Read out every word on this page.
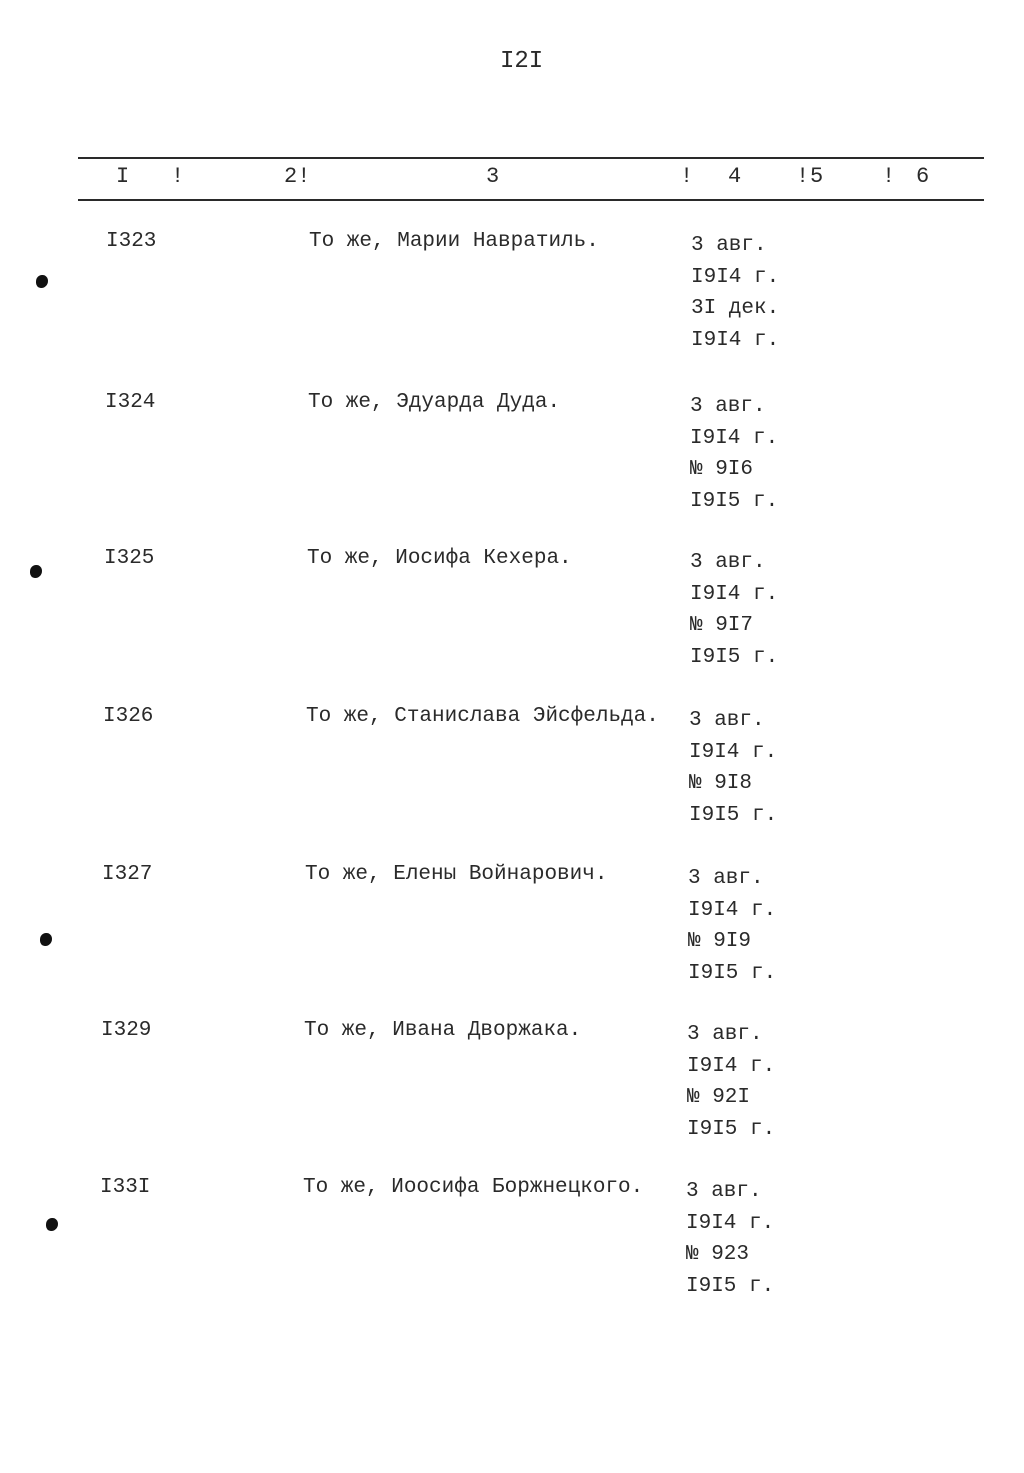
I2I
I !	2!	3	! 4 ! 5	! 6
I323	То же, Марии Навратиль.	3 авг.
I9I4 г.
3I дек.
I9I4 г.
I324	То же, Эдуарда Дуда.	3 авг.
I9I4 г.
№ 9I6
I9I5 г.
I325	То же, Иосифа Кехера.	3 авг.
I9I4 г.
№ 9I7
I9I5 г.
I326	То же, Станислава Эйсфельда. 3 авг.
I9I4 г.
№ 9I8
I9I5 г.
I327	То же, Елены Войнарович.	3 авг.
I9I4 г.
№ 9I9
I9I5 г.
I329	То же, Ивана Дворжака.	3 авг.
I9I4 г.
№ 92I
I9I5 г.
I33I	То же, Иоосифа Боржнецкого. 3 авг.
I9I4 г.
№ 923
I9I5 г.
